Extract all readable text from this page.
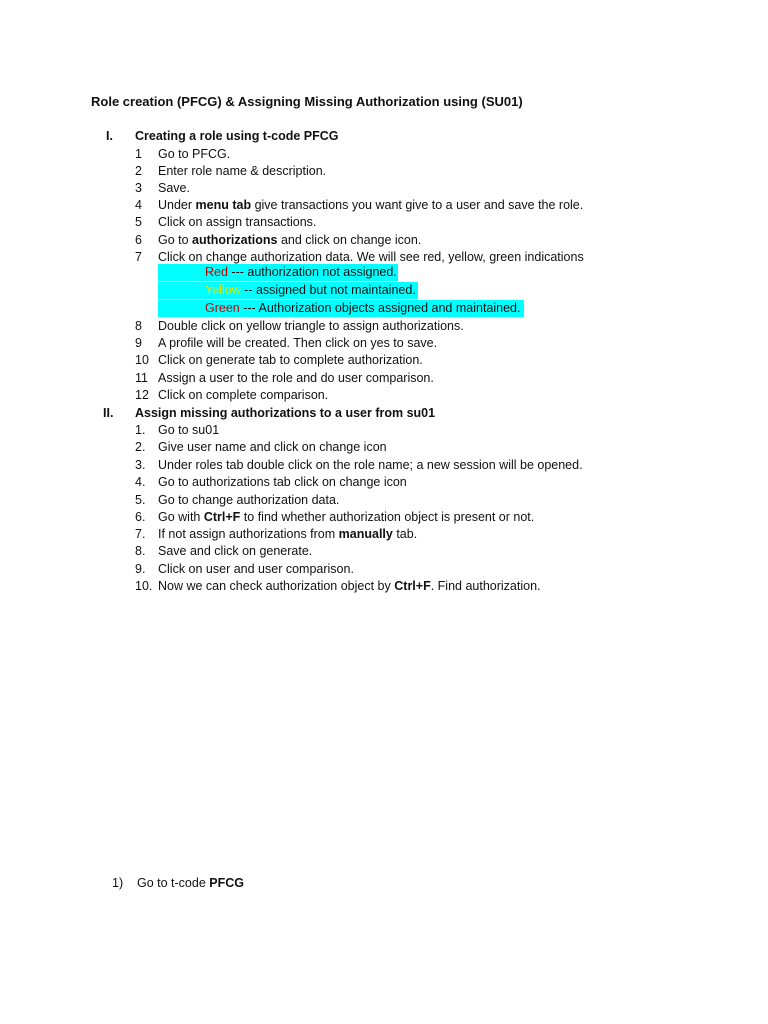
Role creation (PFCG) & Assigning Missing Authorization using (SU01)
I. Creating a role using t-code PFCG
1 Go to PFCG.
2 Enter role name & description.
3 Save.
4 Under menu tab give transactions you want give to a user and save the role.
5 Click on assign transactions.
6 Go to authorizations and click on change icon.
7 Click on change authorization data. We will see red, yellow, green indications
Red --- authorization not assigned.
Yellow -- assigned but not maintained.
Green --- Authorization objects assigned and maintained.
8 Double click on yellow triangle to assign authorizations.
9 A profile will be created. Then click on yes to save.
10 Click on generate tab to complete authorization.
11 Assign a user to the role and do user comparison.
12 Click on complete comparison.
II. Assign missing authorizations to a user from su01
1. Go to su01
2. Give user name and click on change icon
3. Under roles tab double click on the role name; a new session will be opened.
4. Go to authorizations tab click on change icon
5. Go to change authorization data.
6. Go with Ctrl+F to find whether authorization object is present or not.
7. If not assign authorizations from manually tab.
8. Save and click on generate.
9. Click on user and user comparison.
10. Now we can check authorization object by Ctrl+F. Find authorization.
1) Go to t-code PFCG
